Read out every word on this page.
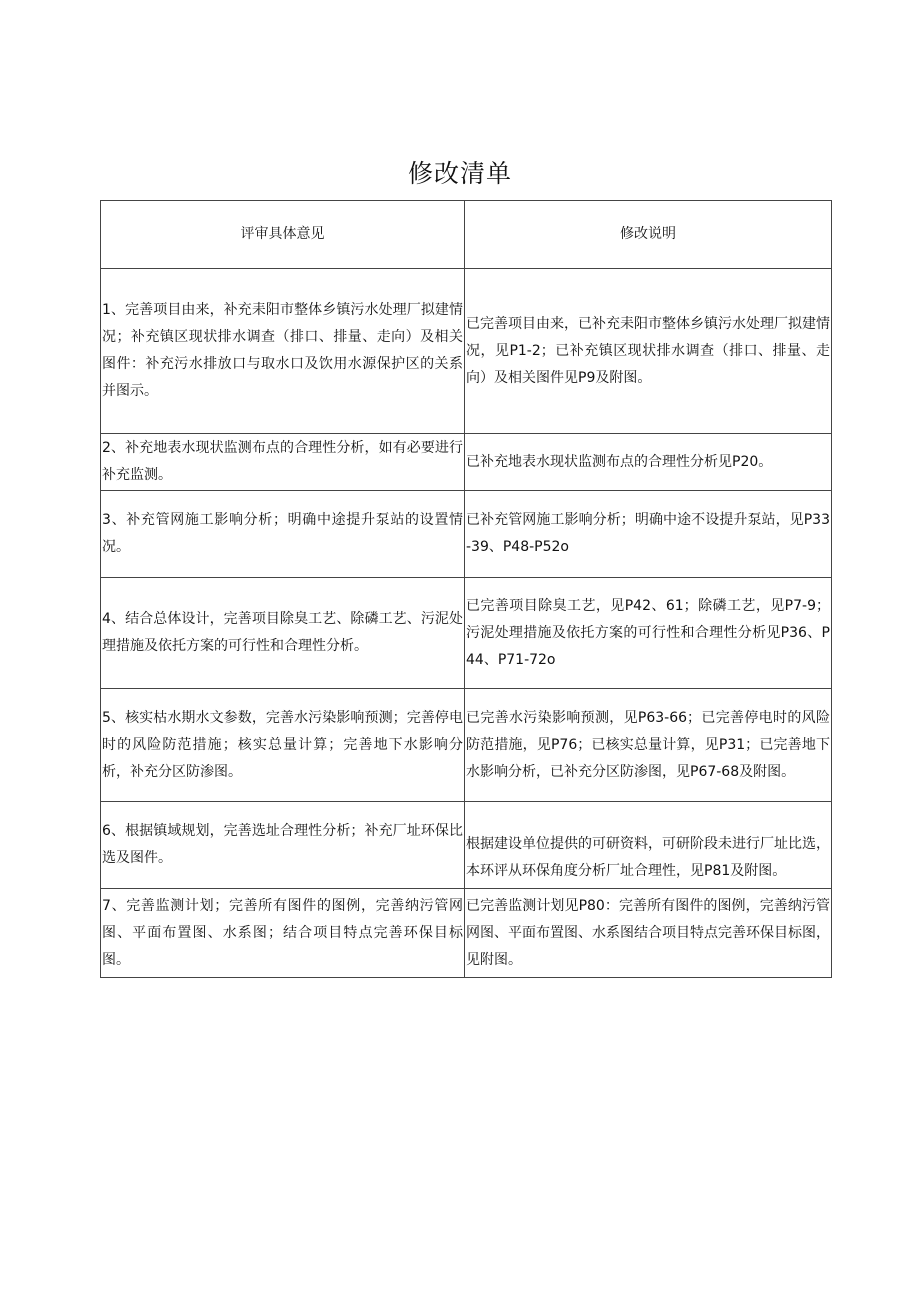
修改清单
评审具体意见	修改说明

1、完善项目由来，补充耒阳市整体乡镇污水处理厂拟建情况；补充镇区现状排水调查（排口、排量、走向）及相关图件：补充污水排放口与取水口及饮用水源保护区的关系并图示。	已完善项目由来，已补充耒阳市整体乡镇污水处理厂拟建情况，见P1-2；已补充镇区现状排水调查（排口、排量、走向）及相关图件见P9及附图。

2、补充地表水现状监测布点的合理性分析，如有必要进行补充监测。	已补充地表水现状监测布点的合理性分析见P20。

3、补充管网施工影响分析；明确中途提升泵站的设置情况。	已补充管网施工影响分析；明确中途不设提升泵站，见P33-39、P48-P52o

4、结合总体设计，完善项目除臭工艺、除磷工艺、污泥处理措施及依托方案的可行性和合理性分析。	已完善项目除臭工艺，见P42、61；除磷工艺，见P7-9；污泥处理措施及依托方案的可行性和合理性分析见P36、P44、P71-72o

5、核实枯水期水文参数，完善水污染影响预测；完善停电时的风险防范措施；核实总量计算；完善地下水影响分析，补充分区防渗图。	已完善水污染影响预测，见P63-66；已完善停电时的风险防范措施，见P76；已核实总量计算，见P31；已完善地下水影响分析，已补充分区防渗图，见P67-68及附图。

6、根据镇域规划，完善选址合理性分析；补充厂址环保比选及图件。	根据建设单位提供的可研资料，可研阶段未进行厂址比选，本环评从环保角度分析厂址合理性，见P81及附图。

7、完善监测计划；完善所有图件的图例，完善纳污管网图、平面布置图、水系图；结合项目特点完善环保目标图。	已完善监测计划见P80：完善所有图件的图例，完善纳污管网图、平面布置图、水系图结合项目特点完善环保目标图，见附图。
